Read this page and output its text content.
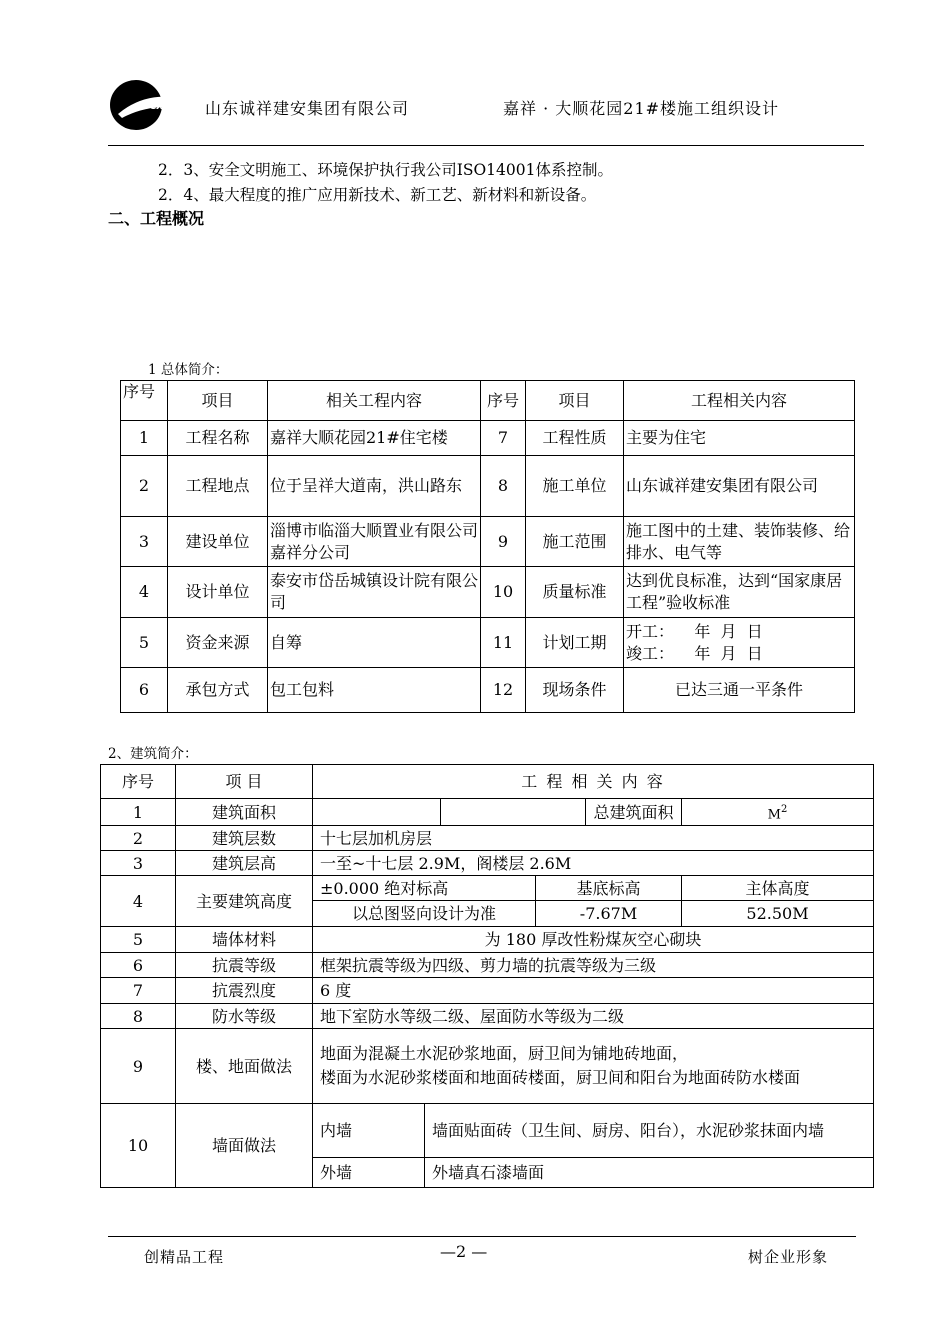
SDCX	山东诚祥建安集团有限公司	嘉祥 · 大顺花园21#楼施工组织设计
2．3、安全文明施工、环境保护执行我公司ISO14001体系控制。
2．4、最大程度的推广应用新技术、新工艺、新材料和新设备。
二、工程概况
1 总体简介：
序号	项目	相关工程内容	序号	项目	工程相关内容
1	工程名称	嘉祥大顺花园21#住宅楼	7	工程性质	主要为住宅
2	工程地点	位于呈祥大道南，洪山路东	8	施工单位	山东诚祥建安集团有限公司
3	建设单位	淄博市临淄大顺置业有限公司嘉祥分公司	9	施工范围	施工图中的土建、装饰装修、给排水、电气等
4	设计单位	泰安市岱岳城镇设计院有限公司	10	质量标准	达到优良标准，达到“国家康居工程”验收标准
5	资金来源	自筹	11	计划工期	开工：    年  月  日
竣工：    年  月  日

6	承包方式	包工包料	12	现场条件	已达三通一平条件
2、建筑简介：
序号	项 目	工 程 相 关 内 容					
1	建筑面积					总建筑面积	$M^2$
2	建筑层数	十七层加机房层					
3	建筑层高	一至~十七层 2.9M，阁楼层 2.6M					
4	主要建筑高度	±0.000 绝对标高			基底标高		主体高度
		以总图竖向设计为准			-7.67M		52.50M
5	墙体材料	为 180 厚改性粉煤灰空心砌块					
6	抗震等级	框架抗震等级为四级、剪力墙的抗震等级为三级					
7	抗震烈度	6 度					
8	防水等级	地下室防水等级二级、屋面防水等级为二级					
9	楼、地面做法	地面为混凝土水泥砂浆地面，厨卫间为铺地砖地面，
楼面为水泥砂浆楼面和地面砖楼面，厨卫间和阳台为地面砖防水楼面					

10	墙面做法	内墙	墙面贴面砖（卫生间、厨房、阳台），水泥砂浆抹面内墙				
		外墙	外墙真石漆墙面				
创精品工程	—2 —	树企业形象
